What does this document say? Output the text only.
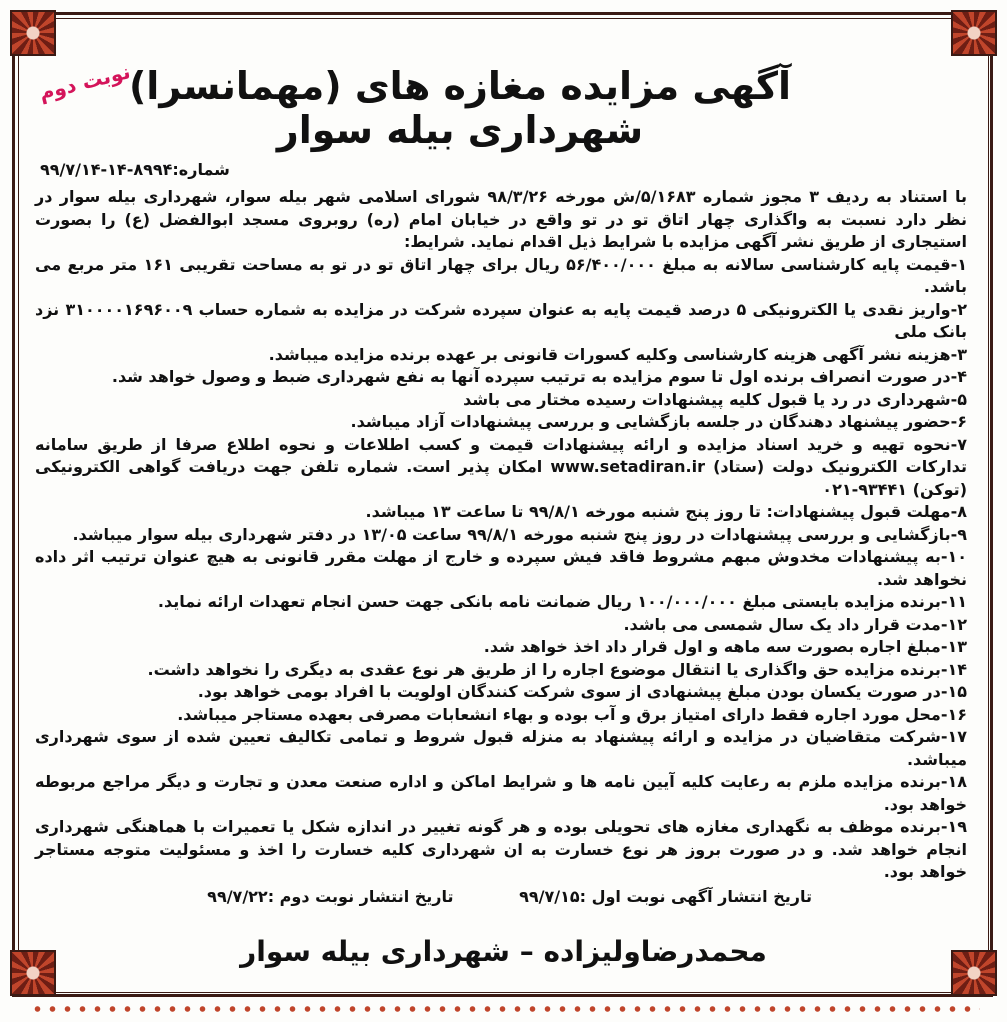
نوبت دوم
آگهی مزایده مغازه های (مهمانسرا) شهرداری بیله سوار
شماره:۸۹۹۴-۱۴-۹۹/۷/۱۴

با استناد به ردیف ۳ مجوز شماره ۵/۱۶۸۳/ش مورخه ۹۸/۳/۲۶ شورای اسلامی شهر بیله سوار، شهرداری بیله سوار در نظر دارد نسبت به واگذاری چهار اتاق تو در تو واقع در خیابان امام (ره) روبروی مسجد ابوالفضل (ع) را بصورت استیجاری از طریق نشر آگهی مزایده با شرایط ذیل اقدام نماید. شرایط:

۱-قیمت پایه کارشناسی سالانه به مبلغ ۵۶/۴۰۰/۰۰۰ ریال برای چهار اتاق تو در تو به مساحت تقریبی ۱۶۱ متر مربع می باشد.

۲-واریز نقدی یا الکترونیکی ۵ درصد قیمت پایه به عنوان سپرده شرکت در مزایده به شماره حساب ۳۱۰۰۰۰۱۶۹۶۰۰۹ نزد بانک ملی

۳-هزینه نشر آگهی هزینه کارشناسی وکلیه کسورات قانونی بر عهده برنده مزایده میباشد.

۴-در صورت انصراف برنده اول تا سوم مزایده به ترتیب سپرده آنها به نفع شهرداری ضبط و وصول خواهد شد.

۵-شهرداری در رد یا قبول کلیه پیشنهادات رسیده مختار می باشد

۶-حضور پیشنهاد دهندگان در جلسه بازگشایی و بررسی پیشنهادات آزاد میباشد.

۷-نحوه تهیه و خرید اسناد مزایده و ارائه پیشنهادات قیمت و کسب اطلاعات و نحوه اطلاع صرفا از طریق سامانه تدارکات الکترونیک دولت (ستاد) www.setadiran.ir امکان پذیر است. شماره تلفن جهت دریافت گواهی الکترونیکی (توکن) ۹۳۴۴۱-۰۲۱

۸-مهلت قبول پیشنهادات: تا روز پنج شنبه مورخه ۹۹/۸/۱ تا ساعت ۱۳ میباشد.

۹-بازگشایی و بررسی پیشنهادات در روز پنج شنبه مورخه ۹۹/۸/۱ ساعت ۱۳/۰۵ در دفتر شهرداری بیله سوار میباشد.

۱۰-به پیشنهادات مخدوش مبهم مشروط فاقد فیش سپرده و خارج از مهلت مقرر قانونی به هیچ عنوان ترتیب اثر داده نخواهد شد.

۱۱-برنده مزایده بایستی مبلغ ۱۰۰/۰۰۰/۰۰۰ ریال ضمانت نامه بانکی جهت حسن انجام تعهدات ارائه نماید.

۱۲-مدت قرار داد یک سال شمسی می باشد.

۱۳-مبلغ اجاره بصورت سه ماهه و اول قرار داد اخذ خواهد شد.

۱۴-برنده مزایده حق واگذاری یا انتقال موضوع اجاره را از طریق هر نوع عقدی به دیگری را نخواهد داشت.

۱۵-در صورت یکسان بودن مبلغ پیشنهادی از سوی شرکت کنندگان اولویت با افراد بومی خواهد بود.

۱۶-محل مورد اجاره فقط دارای امتیاز برق و آب بوده و بهاء انشعابات مصرفی بعهده مستاجر میباشد.

۱۷-شرکت متقاضیان در مزایده و ارائه پیشنهاد به منزله قبول شروط و تمامی تکالیف تعیین شده از سوی شهرداری میباشد.

۱۸-برنده مزایده ملزم به رعایت کلیه آیین نامه ها و شرایط اماکن و اداره صنعت معدن و تجارت و دیگر مراجع مربوطه خواهد بود.

۱۹-برنده موظف به نگهداری مغازه های تحویلی بوده و هر گونه تغییر در اندازه شکل یا تعمیرات با هماهنگی شهرداری انجام خواهد شد. و در صورت بروز هر نوع خسارت به ان شهرداری کلیه خسارت را اخذ و مسئولیت متوجه مستاجر خواهد بود.

تاریخ انتشار آگهی نوبت اول :۹۹/۷/۱۵ تاریخ انتشار نوبت دوم :۹۹/۷/۲۲
محمدرضاولیزاده – شهرداری بیله سوار
